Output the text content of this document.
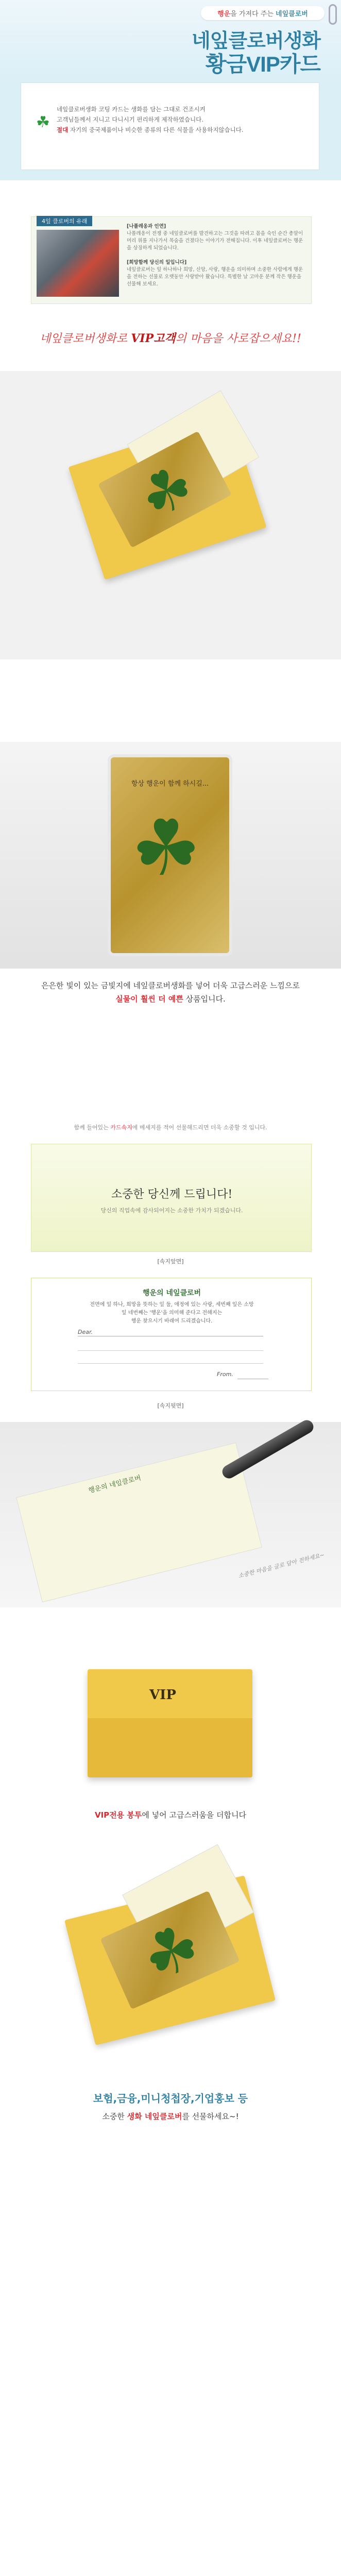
행운을 가져다 주는 네잎클로버
네잎클로버생화
황금VIP카드
☘
네잎클로버생화 코팅 카드는 생화를 담는 그대로 건조시켜
고객님들께서 지니고 다니시기 편리하게 제작하였습니다.
절대 자기의 중국제품이나 비슷한 종류의 다른 식물을 사용하지않습니다.
4잎 클로버의 유래
[나폴레옹과 인연]
나폴레옹이 전쟁 중 네잎클로버를 발견하고는 그것을 따려고 몸을 숙인 순간 총알이 머리 위를 지나가서 목숨을 건졌다는 이야기가 전해집니다. 이후 네잎클로버는 행운을 상징하게 되었습니다.

[희망함께 당신의 일입니다]
네잎클로버는 잎 하나하나 희망, 신앙, 사랑, 행운을 의미하며 소중한 사람에게 행운을 전하는 선물로 오랫동안 사랑받아 왔습니다. 특별한 날 고마운 분께 작은 행운을 선물해 보세요.
네잎클로버생화로 VIP고객의 마음을 사로잡으세요!!
☘
항상 행운이 함께 하시길...
☘
은은한 빛이 있는 금빛지에 네잎클로버생화를 넣어 더욱 고급스러운 느낌으로
실물이 훨씬 더 예쁜 상품입니다.
함께 들어있는 카드속지에 메세지를 적어 선물해드리면 더욱 소중할 것 입니다.
소중한 당신께 드립니다!
당신의 직업속에 감사되어지는 소중한 가치가 되겠습니다.
[속지앞면]
행운의 네잎클로버
전면에 잎 하나, 희망을 뜻하는 잎 둘, 애정에 있는 사랑, 세번째 잎은 소망
잎 네번째는 '행운'을 의미해 준다고 전해지는
행운 찾으시기 바래여 드리겠습니다.
Dear.
From.
[속지뒷면]
행운의 네잎클로버
소중한 마음을 글로 담아 전하세요~
VIP
VIP전용 봉투에 넣어 고급스러움을 더합니다
☘
보험,금융,미니청첩장,기업홍보 등
소중한 생화 네잎클로버를 선물하세요~!
